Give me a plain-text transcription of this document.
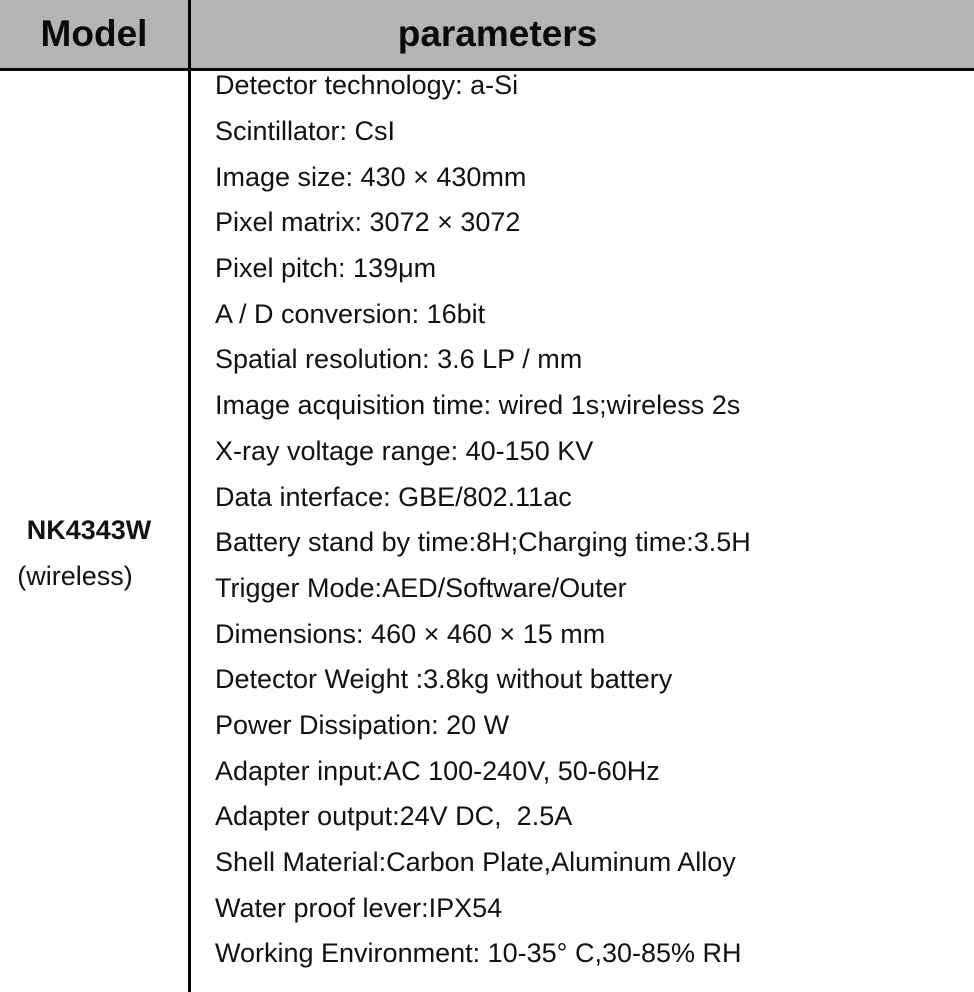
Model	parameters
NK4343W
(wireless)
Detector technology: a-Si
Scintillator: CsI
Image size: 430 × 430mm
Pixel matrix: 3072 × 3072
Pixel pitch: 139μm
A / D conversion: 16bit
Spatial resolution: 3.6 LP / mm
Image acquisition time: wired 1s;wireless 2s
X-ray voltage range: 40-150 KV
Data interface: GBE/802.11ac
Battery stand by time:8H;Charging time:3.5H
Trigger Mode:AED/Software/Outer
Dimensions: 460 × 460 × 15 mm
Detector Weight :3.8kg without battery
Power Dissipation: 20 W
Adapter input:AC 100-240V, 50-60Hz
Adapter output:24V DC,  2.5A
Shell Material:Carbon Plate,Aluminum Alloy
Water proof lever:IPX54
Working Environment: 10-35° C,30-85% RH
